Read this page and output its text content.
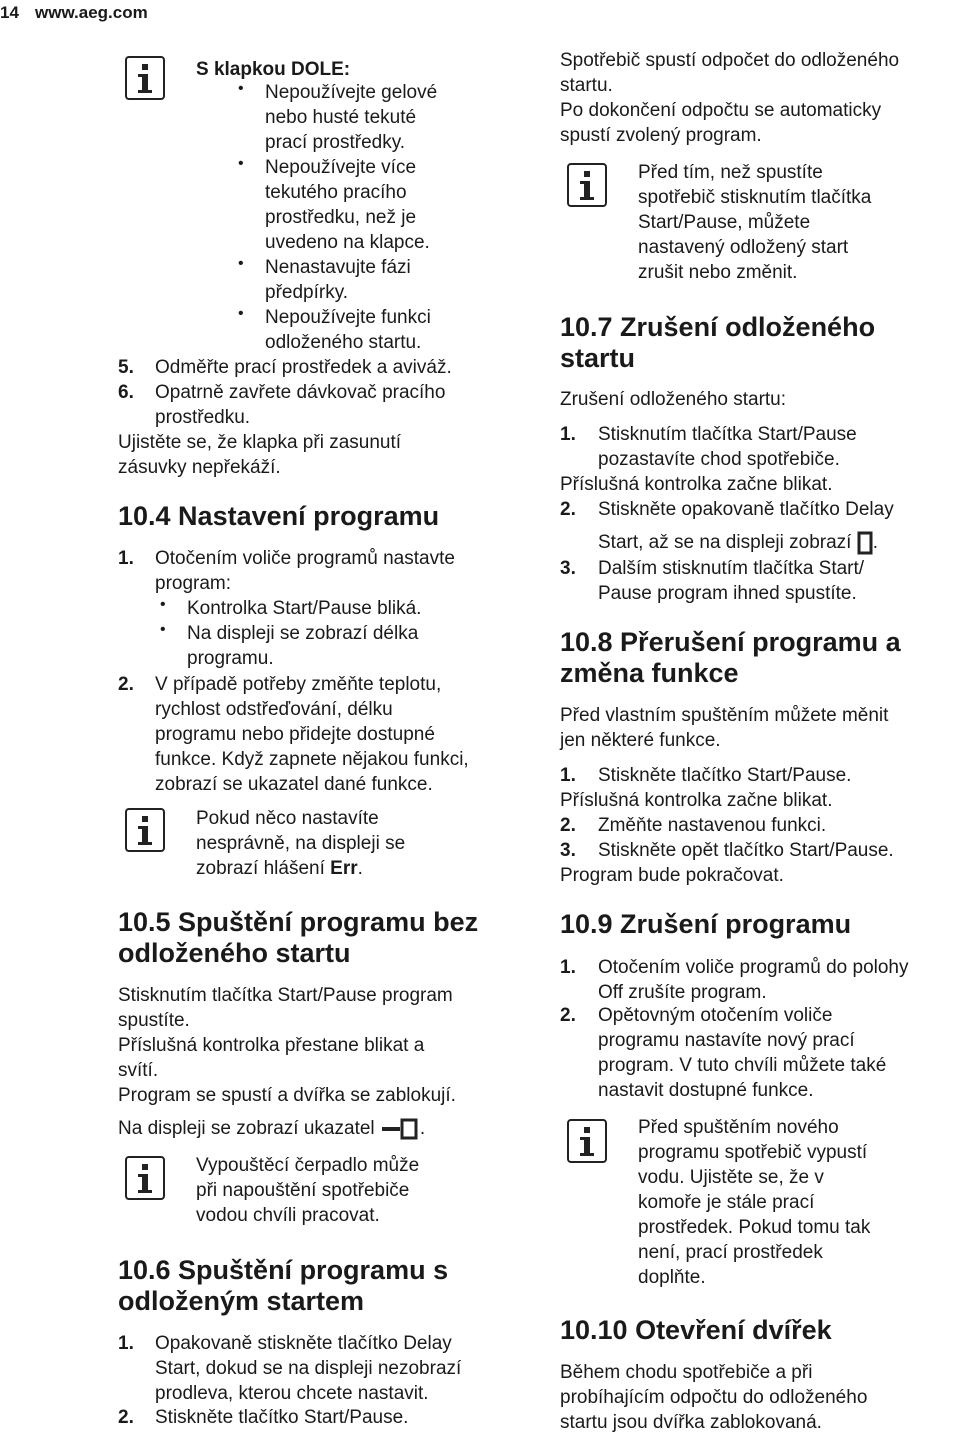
14 www.aeg.com
S klapkou DOLE:
• Nepoužívejte gelové
nebo husté tekuté
prací prostředky.
• Nepoužívejte více
tekutého pracího
prostředku, než je
uvedeno na klapce.
• Nenastavujte fázi
předpírky.
• Nepoužívejte funkci
odloženého startu.
5. Odměřte prací prostředek a aviváž.
6. Opatrně zavřete dávkovač pracího
prostředku.
Ujistěte se, že klapka při zasunutí
zásuvky nepřekáží.
10.4 Nastavení programu
1. Otočením voliče programů nastavte
program:
• Kontrolka Start/Pause bliká.
• Na displeji se zobrazí délka
programu.
2. V případě potřeby změňte teplotu,
rychlost odstřeďování, délku
programu nebo přidejte dostupné
funkce. Když zapnete nějakou funkci,
zobrazí se ukazatel dané funkce.
Pokud něco nastavíte
nesprávně, na displeji se
zobrazí hlášení Err.
10.5 Spuštění programu bez
odloženého startu
Stisknutím tlačítka Start/Pause program
spustíte.
Příslušná kontrolka přestane blikat a
svítí.
Program se spustí a dvířka se zablokují.
Na displeji se zobrazí ukazatel .
Vypouštěcí čerpadlo může
při napouštění spotřebiče
vodou chvíli pracovat.
10.6 Spuštění programu s
odloženým startem
1. Opakovaně stiskněte tlačítko Delay
Start, dokud se na displeji nezobrazí
prodleva, kterou chcete nastavit.
2. Stiskněte tlačítko Start/Pause.
Spotřebič spustí odpočet do odloženého
startu.
Po dokončení odpočtu se automaticky
spustí zvolený program.
Před tím, než spustíte
spotřebič stisknutím tlačítka
Start/Pause, můžete
nastavený odložený start
zrušit nebo změnit.
10.7 Zrušení odloženého
startu
Zrušení odloženého startu:
1. Stisknutím tlačítka Start/Pause
pozastavíte chod spotřebiče.
Příslušná kontrolka začne blikat.
2. Stiskněte opakovaně tlačítko Delay
Start, až se na displeji zobrazí .
3. Dalším stisknutím tlačítka Start/
Pause program ihned spustíte.
10.8 Přerušení programu a
změna funkce
Před vlastním spuštěním můžete měnit
jen některé funkce.
1. Stiskněte tlačítko Start/Pause.
Příslušná kontrolka začne blikat.
2. Změňte nastavenou funkci.
3. Stiskněte opět tlačítko Start/Pause.
Program bude pokračovat.
10.9 Zrušení programu
1. Otočením voliče programů do polohy
Off zrušíte program.
2. Opětovným otočením voliče
programu nastavíte nový prací
program. V tuto chvíli můžete také
nastavit dostupné funkce.
Před spuštěním nového
programu spotřebič vypustí
vodu. Ujistěte se, že v
komoře je stále prací
prostředek. Pokud tomu tak
není, prací prostředek
doplňte.
10.10 Otevření dvířek
Během chodu spotřebiče a při
probíhajícím odpočtu do odloženého
startu jsou dvířka zablokovaná.
